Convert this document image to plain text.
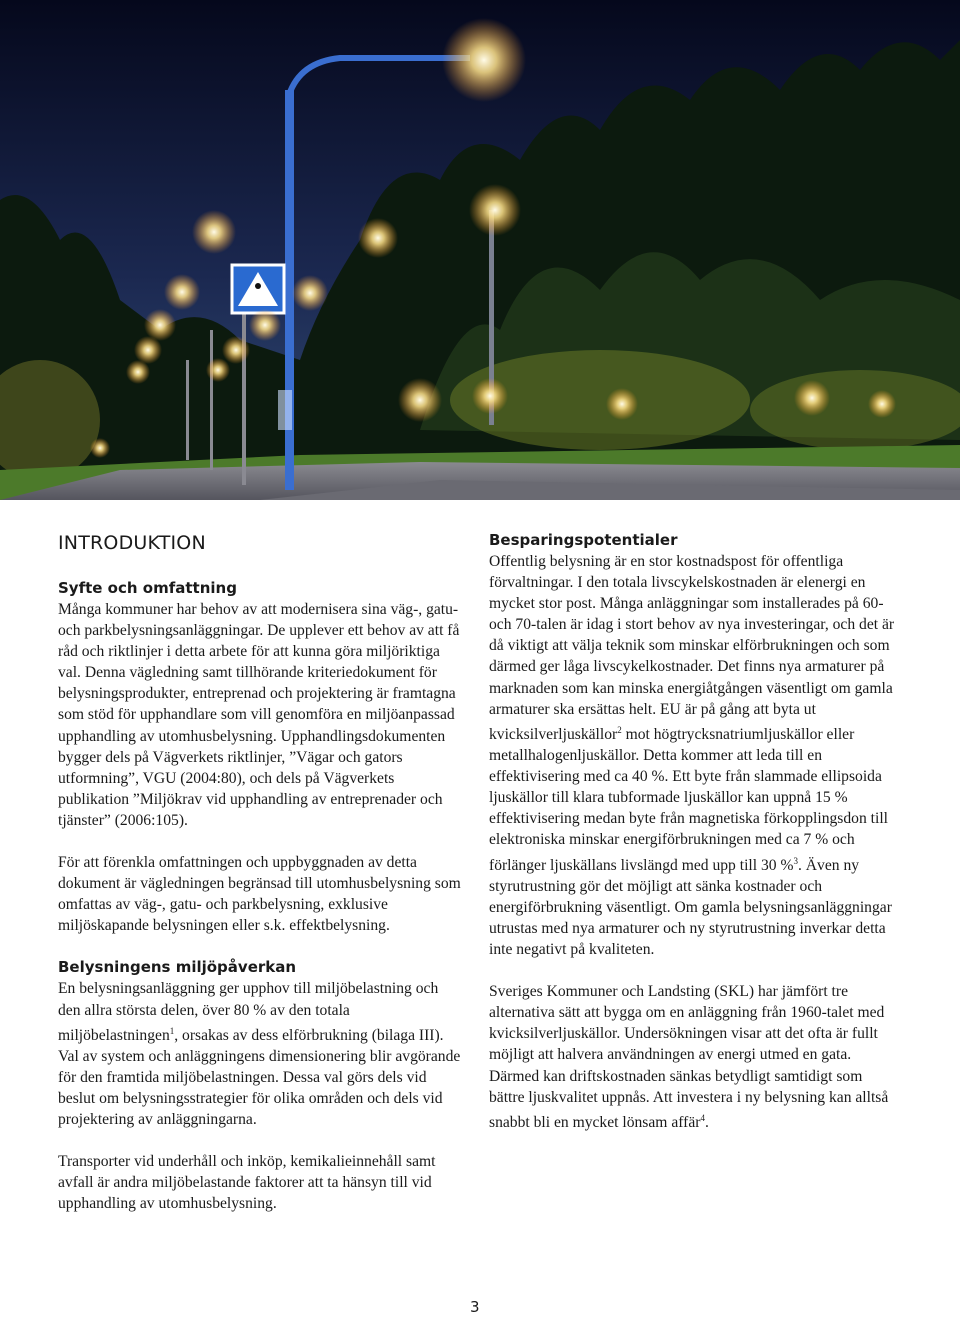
INTRODUKTION
Syfte och omfattning

Många kommuner har behov av att modernisera sina väg-, gatu- och parkbelysningsanläggningar. De upplever ett behov av att få råd och riktlinjer i detta arbete för att kunna göra miljöriktiga val. Denna vägledning samt tillhörande kriteriedokument för belysningsprodukter, entreprenad och projektering är framtagna som stöd för upphandlare som vill genomföra en miljöanpassad upphandling av utomhusbelysning. Upphandlingsdokumenten bygger dels på Vägverkets riktlinjer, ”Vägar och gators utformning”, VGU (2004:80), och dels på Vägverkets publikation ”Miljökrav vid upphandling av entreprenader och tjänster” (2006:105).

För att förenkla omfattningen och uppbyggnaden av detta dokument är vägledningen begränsad till utomhusbelysning som omfattas av väg-, gatu- och parkbelysning, exklusive miljöskapande belysningen eller s.k. effektbelysning.

Belysningens miljöpåverkan

En belysningsanläggning ger upphov till miljöbelastning och den allra största delen, över 80 % av den totala miljöbelastningen$^1$, orsakas av dess elförbrukning (bilaga III). Val av system och anläggningens dimensionering blir avgörande för den framtida miljöbelastningen. Dessa val görs dels vid beslut om belysningsstrategier för olika områden och dels vid projektering av anläggningarna.

Transporter vid underhåll och inköp, kemikalieinnehåll samt avfall är andra miljöbelastande faktorer att ta hänsyn till vid upphandling av utomhusbelysning.

Besparingspotentialer

Offentlig belysning är en stor kostnadspost för offentliga förvaltningar. I den totala livscykelskostnaden är elenergi en mycket stor post. Många anläggningar som installerades på 60- och 70-talen är idag i stort behov av nya investeringar, och det är då viktigt att välja teknik som minskar elförbrukningen och som därmed ger låga livscykelkostnader. Det finns nya armaturer på marknaden som kan minska energiåtgången väsentligt om gamla armaturer ska ersättas helt. EU är på gång att byta ut kvicksilverljuskällor$^2$ mot högtrycksnatriumljuskällor eller metallhalogenljuskällor. Detta kommer att leda till en effektivisering med ca 40 %. Ett byte från slammade ellipsoida ljuskällor till klara tubformade ljuskällor kan uppnå 15 % effektivisering medan byte från magnetiska förkopplingsdon till elektroniska minskar energiförbrukningen med ca 7 % och förlänger ljuskällans livslängd med upp till 30 %$^3$. Även ny styrutrustning gör det möjligt att sänka kostnader och energiförbrukning väsentligt. Om gamla belysningsanläggningar utrustas med nya armaturer och ny styrutrustning inverkar detta inte negativt på kvaliteten.

Sveriges Kommuner och Landsting (SKL) har jämfört tre alternativa sätt att bygga om en anläggning från 1960-talet med kvicksilverljuskällor. Undersökningen visar att det ofta är fullt möjligt att halvera användningen av energi utmed en gata. Därmed kan driftskostnaden sänkas betydligt samtidigt som bättre ljuskvalitet uppnås. Att investera i ny belysning kan alltså snabbt bli en mycket lönsam affär$^4$.

3
